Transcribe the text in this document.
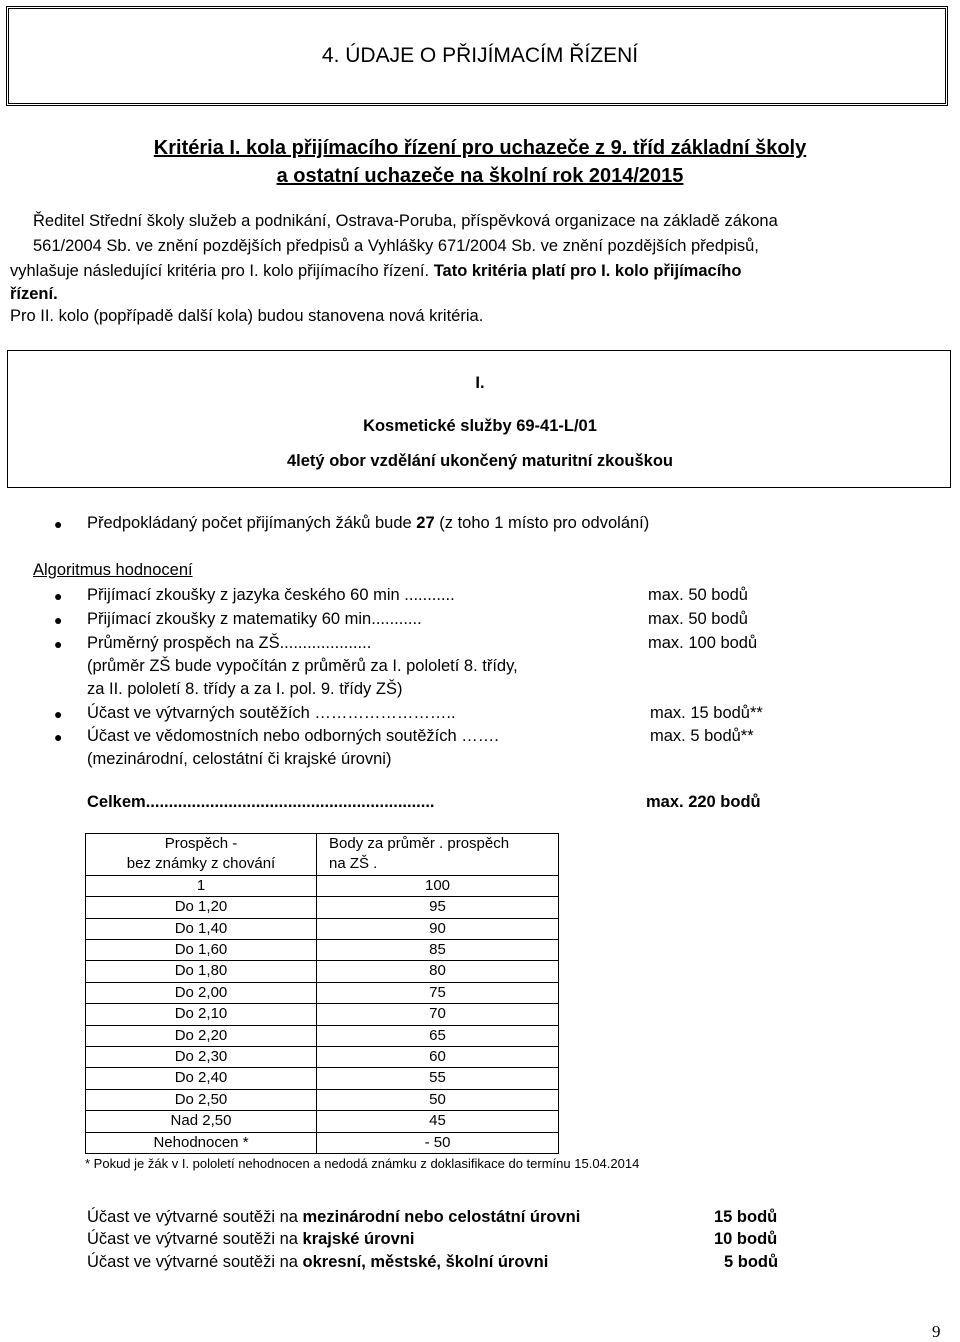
4. ÚDAJE O PŘIJÍMACÍM ŘÍZENÍ
Kritéria I. kola přijímacího řízení pro uchazeče z 9. tříd základní školy
a ostatní uchazeče na školní rok 2014/2015
Ředitel Střední školy služeb a podnikání, Ostrava-Poruba, příspěvková organizace na základě zákona
561/2004 Sb. ve znění pozdějších předpisů a Vyhlášky 671/2004 Sb. ve znění pozdějších předpisů,
vyhlašuje následující kritéria pro I. kolo přijímacího řízení. Tato kritéria platí pro I. kolo přijímacího
řízení.
Pro II. kolo (popřípadě další kola) budou stanovena nová kritéria.
I.
Kosmetické služby 69-41-L/01
4letý obor vzdělání ukončený maturitní zkouškou
● Předpokládaný počet přijímaných žáků bude 27 (z toho 1 místo pro odvolání)
Algoritmus hodnocení
● Přijímací zkoušky z jazyka českého 60 min ...........	max. 50 bodů
● Přijímací zkoušky z matematiky 60 min...........	max. 50 bodů
● Průměrný prospěch na ZŠ....................	max. 100 bodů
(průměr ZŠ bude vypočítán z průměrů za I. pololetí 8. třídy,
za II. pololetí 8. třídy a za I. pol. 9. třídy ZŠ)
● Účast ve výtvarných soutěžích ……………………..	max. 15 bodů**
● Účast ve vědomostních nebo odborných soutěžích …….	max. 5 bodů**
(mezinárodní, celostátní či krajské úrovni)
Celkem...............................................................	max. 220 bodů
Prospěch -
bez známky z chování	Body za průměr . prospěch
na ZŠ .
1	100
Do 1,20	95
Do 1,40	90
Do 1,60	85
Do 1,80	80
Do 2,00	75
Do 2,10	70
Do 2,20	65
Do 2,30	60
Do 2,40	55
Do 2,50	50
Nad 2,50	45
Nehodnocen *	- 50
* Pokud je žák v I. pololetí nehodnocen a nedodá známku z doklasifikace do termínu 15.04.2014
Účast ve výtvarné soutěži na mezinárodní nebo celostátní úrovni	15 bodů
Účast ve výtvarné soutěži na krajské úrovni	10 bodů
Účast ve výtvarné soutěži na okresní, městské, školní úrovni	5 bodů
9
